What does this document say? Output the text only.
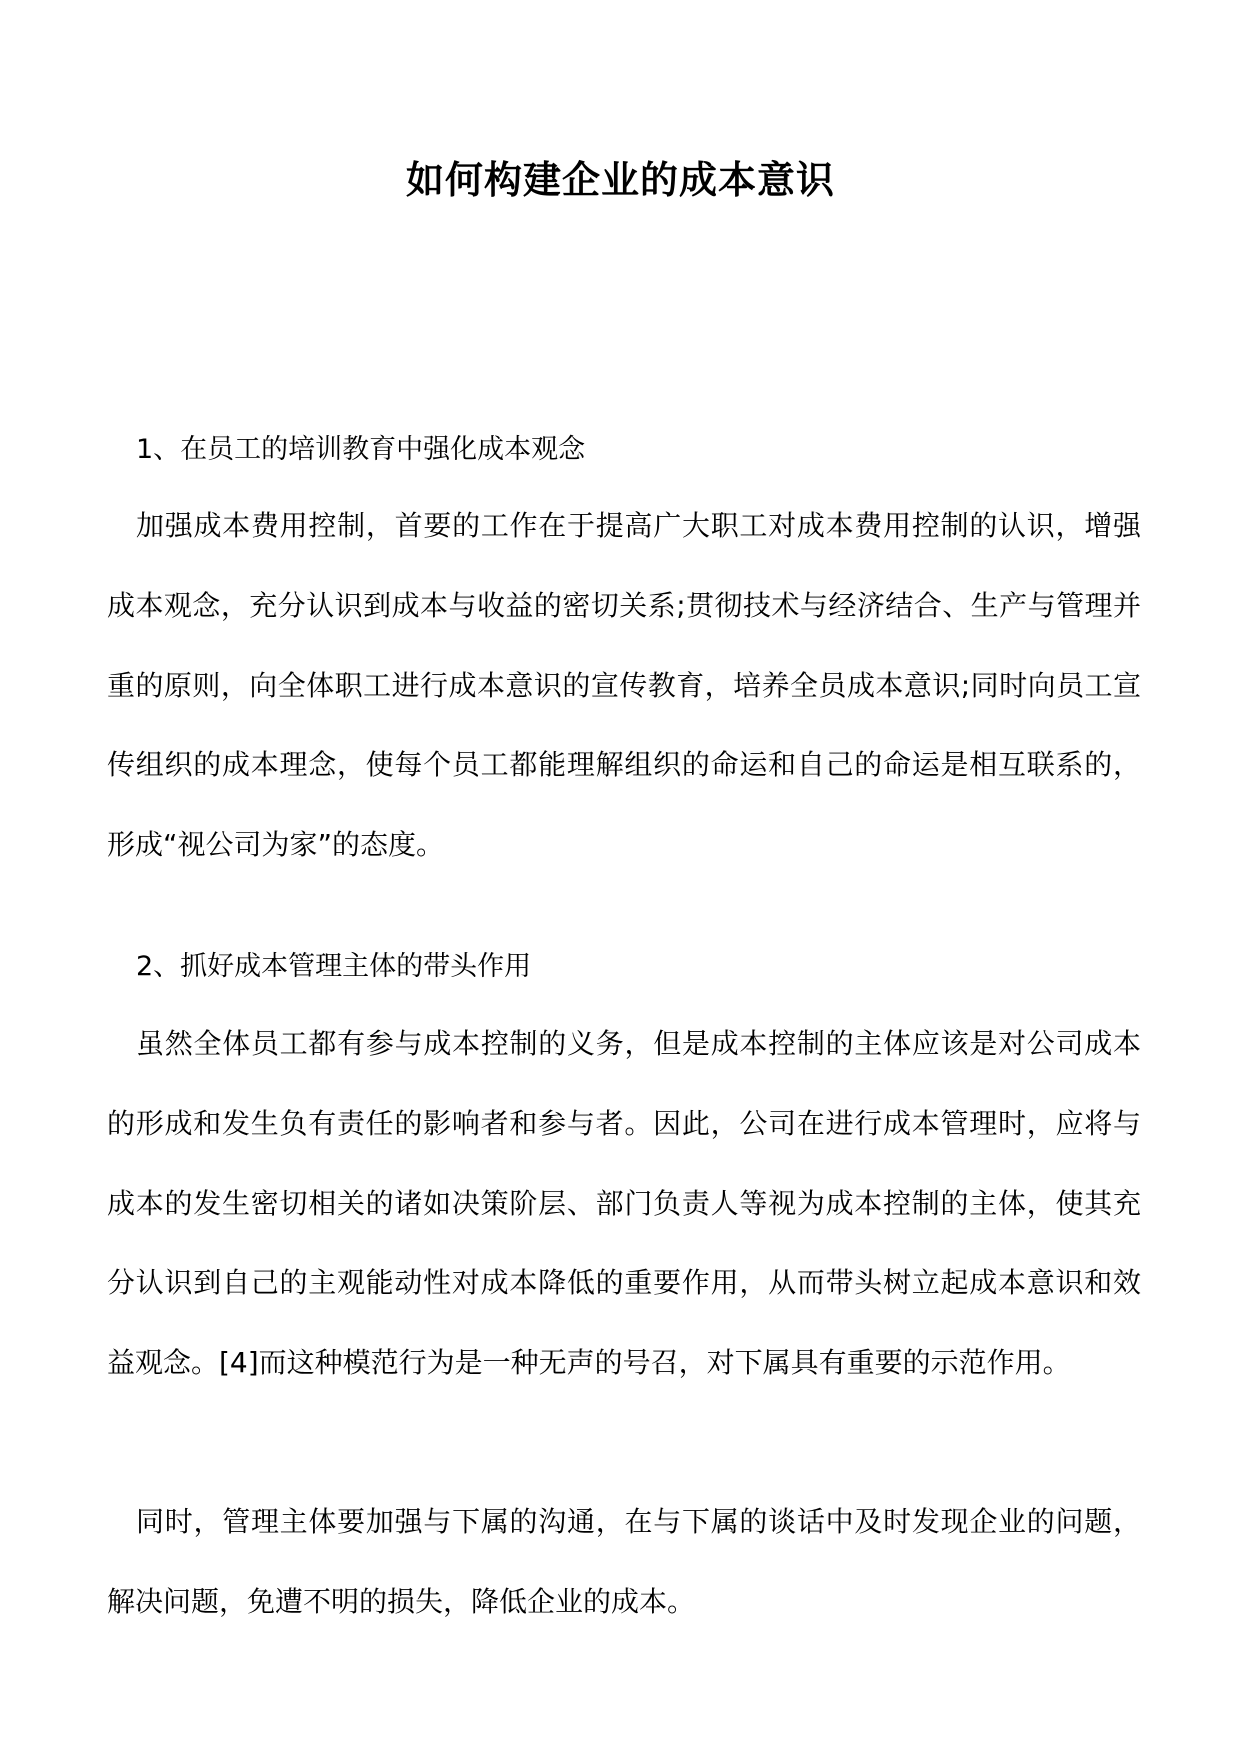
如何构建企业的成本意识

1、在员工的培训教育中强化成本观念

加强成本费用控制，首要的工作在于提高广大职工对成本费用控制的认识，增强成本观念，充分认识到成本与收益的密切关系;贯彻技术与经济结合、生产与管理并重的原则，向全体职工进行成本意识的宣传教育，培养全员成本意识;同时向员工宣传组织的成本理念，使每个员工都能理解组织的命运和自己的命运是相互联系的，形成“视公司为家”的态度。

2、抓好成本管理主体的带头作用

虽然全体员工都有参与成本控制的义务，但是成本控制的主体应该是对公司成本的形成和发生负有责任的影响者和参与者。因此，公司在进行成本管理时，应将与成本的发生密切相关的诸如决策阶层、部门负责人等视为成本控制的主体，使其充分认识到自己的主观能动性对成本降低的重要作用，从而带头树立起成本意识和效益观念。[4]而这种模范行为是一种无声的号召，对下属具有重要的示范作用。

同时，管理主体要加强与下属的沟通，在与下属的谈话中及时发现企业的问题，解决问题，免遭不明的损失，降低企业的成本。
